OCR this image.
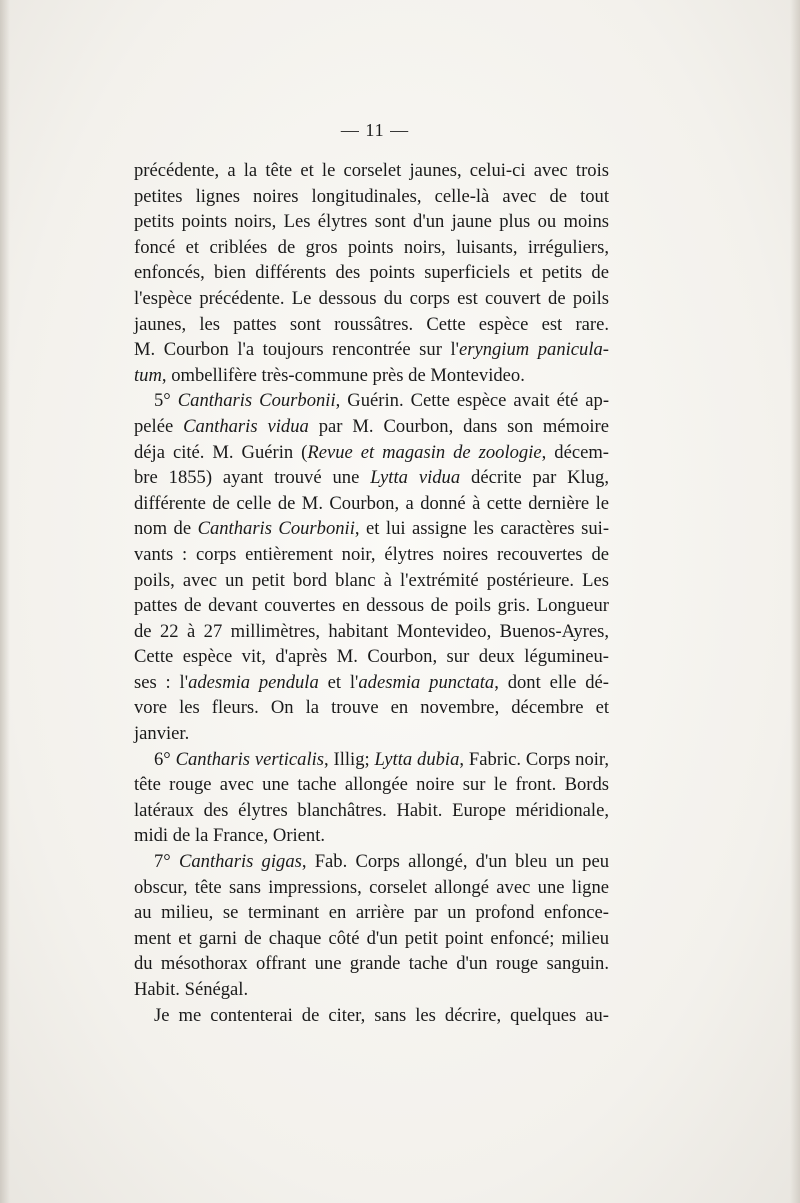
— 11 —
précédente, a la tête et le corselet jaunes, celui-ci avec trois
petites lignes noires longitudinales, celle-là avec de tout
petits points noirs, Les élytres sont d'un jaune plus ou moins
foncé et criblées de gros points noirs, luisants, irréguliers,
enfoncés, bien différents des points superficiels et petits de
l'espèce précédente. Le dessous du corps est couvert de poils
jaunes, les pattes sont roussâtres. Cette espèce est rare.
M. Courbon l'a toujours rencontrée sur l'eryngium panicula-
tum, ombellifère très-commune près de Montevideo.
5° Cantharis Courbonii, Guérin. Cette espèce avait été ap-
pelée Cantharis vidua par M. Courbon, dans son mémoire
déja cité. M. Guérin (Revue et magasin de zoologie, décem-
bre 1855) ayant trouvé une Lytta vidua décrite par Klug,
différente de celle de M. Courbon, a donné à cette dernière le
nom de Cantharis Courbonii, et lui assigne les caractères sui-
vants : corps entièrement noir, élytres noires recouvertes de
poils, avec un petit bord blanc à l'extrémité postérieure. Les
pattes de devant couvertes en dessous de poils gris. Longueur
de 22 à 27 millimètres, habitant Montevideo, Buenos-Ayres,
Cette espèce vit, d'après M. Courbon, sur deux légumineu-
ses : l'adesmia pendula et l'adesmia punctata, dont elle dé-
vore les fleurs. On la trouve en novembre, décembre et
janvier.
6° Cantharis verticalis, Illig; Lytta dubia, Fabric. Corps noir,
tête rouge avec une tache allongée noire sur le front. Bords
latéraux des élytres blanchâtres. Habit. Europe méridionale,
midi de la France, Orient.
7° Cantharis gigas, Fab. Corps allongé, d'un bleu un peu
obscur, tête sans impressions, corselet allongé avec une ligne
au milieu, se terminant en arrière par un profond enfonce-
ment et garni de chaque côté d'un petit point enfoncé; milieu
du mésothorax offrant une grande tache d'un rouge sanguin.
Habit. Sénégal.
Je me contenterai de citer, sans les décrire, quelques au-
